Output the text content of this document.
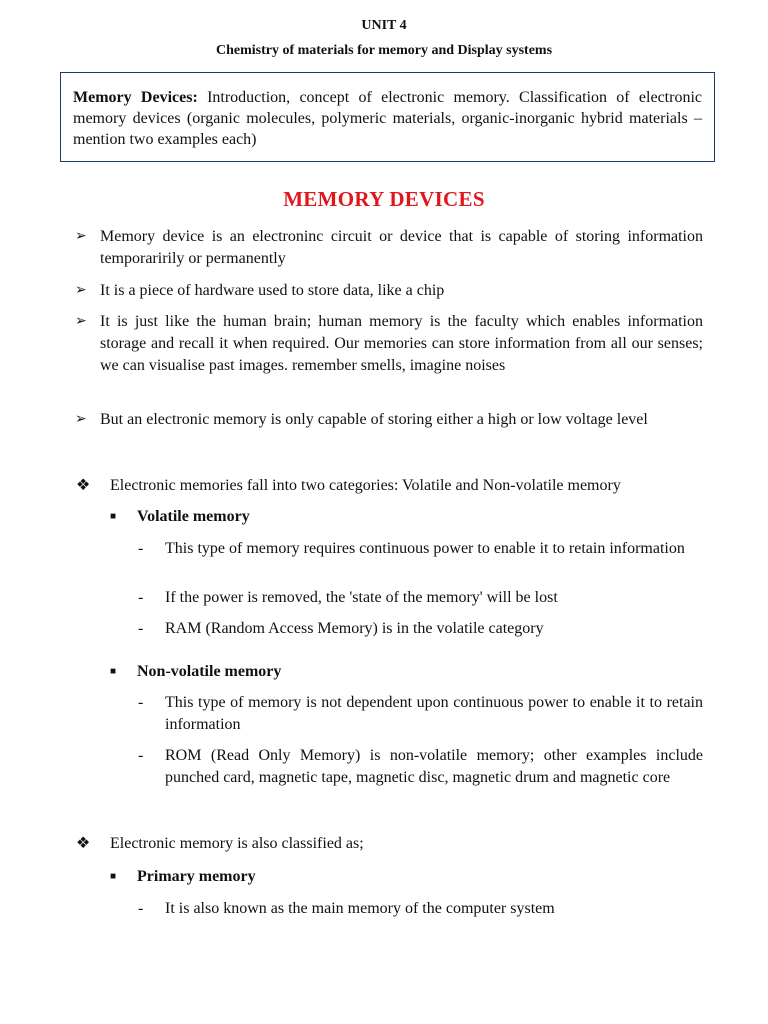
UNIT 4
Chemistry of materials for memory and Display systems
Memory Devices: Introduction, concept of electronic memory. Classification of electronic memory devices (organic molecules, polymeric materials, organic-inorganic hybrid materials – mention two examples each)
MEMORY DEVICES
➢ Memory device is an electroninc circuit or device that is capable of storing information temporaririly or permanently
➢ It is a piece of hardware used to store data, like a chip
➢ It is just like the human brain; human memory is the faculty which enables information storage and recall it when required. Our memories can store information from all our senses; we can visualise past images. remember smells, imagine noises
➢ But an electronic memory is only capable of storing either a high or low voltage level
❖ Electronic memories fall into two categories: Volatile and Non-volatile memory
■ Volatile memory
- This type of memory requires continuous power to enable it to retain information
- If the power is removed, the 'state of the memory' will be lost
- RAM (Random Access Memory) is in the volatile category
■ Non-volatile memory
- This type of memory is not dependent upon continuous power to enable it to retain information
- ROM (Read Only Memory) is non-volatile memory; other examples include punched card, magnetic tape, magnetic disc, magnetic drum and magnetic core
❖ Electronic memory is also classified as;
■ Primary memory
- It is also known as the main memory of the computer system
